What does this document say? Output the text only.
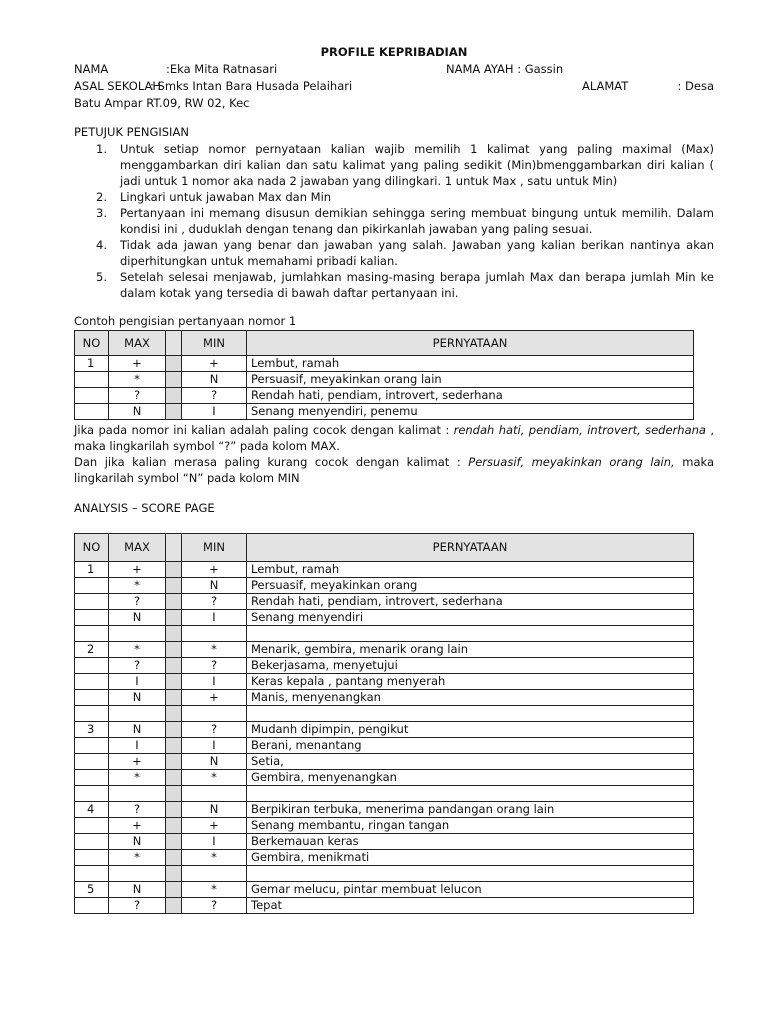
PROFILE KEPRIBADIAN
NAMA	:Eka Mita Ratnasari	NAMA AYAH : Gassin
ASAL SEKOLAH
: Smks Intan Bara Husada Pelaihari	ALAMAT	: Desa
Batu Ampar RT.09, RW 02, Kec
PETUJUK PENGISIAN
1.	Untuk setiap nomor pernyataan kalian wajib memilih 1 kalimat yang paling maximal (Max) menggambarkan diri kalian dan satu kalimat yang paling sedikit (Min)bmenggambarkan diri kalian ( jadi untuk 1 nomor aka nada 2 jawaban yang dilingkari. 1 untuk Max , satu untuk Min)
2.	Lingkari untuk jawaban Max dan Min
3.	Pertanyaan ini memang disusun demikian sehingga sering membuat bingung untuk memilih. Dalam kondisi ini , duduklah dengan tenang dan pikirkanlah jawaban yang paling sesuai.
4.	Tidak ada jawan yang benar dan jawaban yang salah. Jawaban yang kalian berikan nantinya akan diperhitungkan untuk memahami pribadi kalian.
5.	Setelah selesai menjawab, jumlahkan masing-masing berapa jumlah Max dan berapa jumlah Min ke dalam kotak yang tersedia di bawah daftar pertanyaan ini.
Contoh pengisian pertanyaan nomor 1
NO	MAX		MIN	PERNYATAAN
1	+		+	Lembut, ramah
	*		N	Persuasif, meyakinkan orang lain
	?		?	Rendah hati, pendiam, introvert, sederhana
	N		I	Senang menyendiri, penemu
Jika pada nomor ini kalian adalah paling cocok dengan kalimat : rendah hati, pendiam, introvert, sederhana , maka lingkarilah symbol “?” pada kolom MAX.
Dan jika kalian merasa paling kurang cocok dengan kalimat : Persuasif, meyakinkan orang lain, maka lingkarilah symbol “N” pada kolom MIN
ANALYSIS – SCORE PAGE
NO	MAX		MIN	PERNYATAAN
1	+		+	Lembut, ramah
	*		N	Persuasif, meyakinkan orang
	?		?	Rendah hati, pendiam, introvert, sederhana
	N		I	Senang menyendiri

2	*		*	Menarik, gembira, menarik orang lain
	?		?	Bekerjasama, menyetujui
	I		I	Keras kepala , pantang menyerah
	N		+	Manis, menyenangkan

3	N		?	Mudanh dipimpin, pengikut
	I		I	Berani, menantang
	+		N	Setia,
	*		*	Gembira, menyenangkan

4	?		N	Berpikiran terbuka, menerima pandangan orang lain
	+		+	Senang membantu, ringan tangan
	N		I	Berkemauan keras
	*		*	Gembira, menikmati

5	N		*	Gemar melucu, pintar membuat lelucon
	?		?	Tepat
